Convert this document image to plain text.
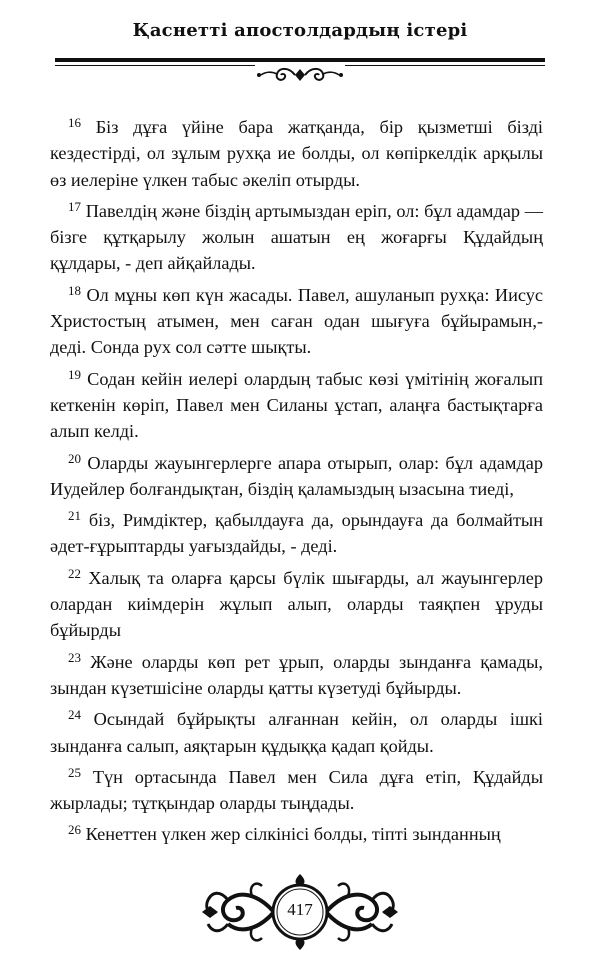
Қаснетті апостолдардың істері

$^{16}$ Біз дұға үйіне бара жатқанда, бір қызметші бізді кездестірді, ол зұлым рухқа ие болды, ол көпіркелдік арқылы өз иелеріне үлкен табыс әкеліп отырды.

$^{17}$ Павелдің және біздің артымыздан еріп, ол: бұл адамдар — бізге құтқарылу жолын ашатын ең жоғарғы Құдайдың құлдары, - деп айқайлады.

$^{18}$ Ол мұны көп күн жасады. Павел, ашуланып рухқа: Иисус Христостың атымен, мен саған одан шығуға бұйырамын,- деді. Сонда рух сол сәтте шықты.

$^{19}$ Содан кейін иелері олардың табыс көзі үмітінің жоғалып кеткенін көріп, Павел мен Силаны ұстап, алаңға бастықтарға алып келді.

$^{20}$ Оларды жауынгерлерге апара отырып, олар: бұл адамдар Иудейлер болғандықтан, біздің қаламыздың ызасына тиеді,

$^{21}$ біз, Римдіктер, қабылдауға да, орындауға да болмайтын әдет-ғұрыптарды уағыздайды, - деді.

$^{22}$ Халық та оларға қарсы бүлік шығарды, ал жауынгерлер олардан киімдерін жұлып алып, оларды таяқпен ұруды бұйырды

$^{23}$ Және оларды көп рет ұрып, оларды зынданға қамады, зындан күзетшісіне оларды қатты күзетуді бұйырды.

$^{24}$ Осындай бұйрықты алғаннан кейін, ол оларды ішкі зынданға салып, аяқтарын құдыққа қадап қойды.

$^{25}$ Түн ортасында Павел мен Сила дұға етіп, Құдайды жырлады; тұтқындар оларды тыңдады.

$^{26}$ Кенеттен үлкен жер сілкінісі болды, тіпті зынданның

417
